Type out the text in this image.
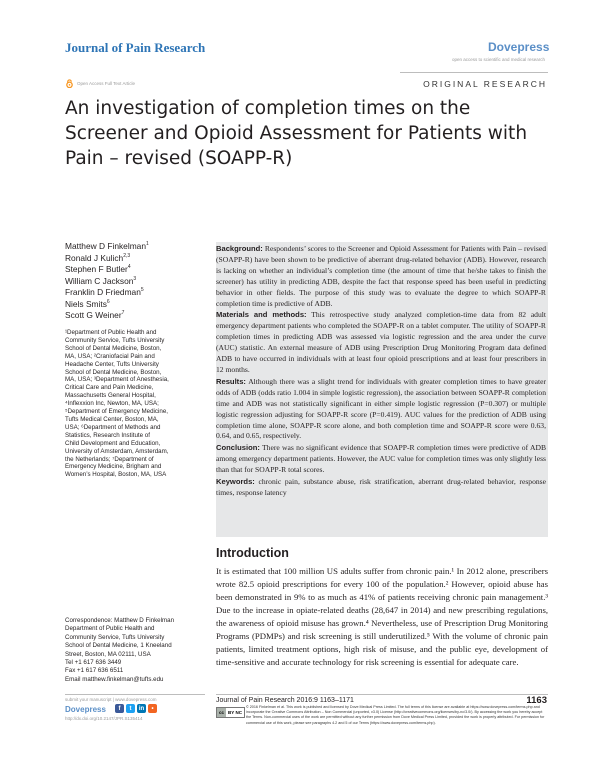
Journal of Pain Research	Dovepress
open access to scientific and medical research
Open Access Full Text Article	ORIGINAL RESEARCH
An investigation of completion times on the Screener and Opioid Assessment for Patients with Pain – revised (SOAPP-R)
Matthew D Finkelman$^1$
Ronald J Kulich$^{2,3}$
Stephen F Butler$^4$
William C Jackson$^3$
Franklin D Friedman$^5$
Niels Smits$^6$
Scott G Weiner$^7$
¹Department of Public Health and
Community Service, Tufts University
School of Dental Medicine, Boston,
MA, USA; ²Craniofacial Pain and
Headache Center, Tufts University
School of Dental Medicine, Boston,
MA, USA; ³Department of Anesthesia,
Critical Care and Pain Medicine,
Massachusetts General Hospital,
⁴Inflexxion Inc, Newton, MA, USA;
⁵Department of Emergency Medicine,
Tufts Medical Center, Boston, MA,
USA; ⁶Department of Methods and
Statistics, Research Institute of
Child Development and Education,
University of Amsterdam, Amsterdam,
the Netherlands; ⁷Department of
Emergency Medicine, Brigham and
Women’s Hospital, Boston, MA, USA

Background: Respondents’ scores to the Screener and Opioid Assessment for Patients with Pain – revised (SOAPP-R) have been shown to be predictive of aberrant drug-related behavior (ADB). However, research is lacking on whether an individual’s completion time (the amount of time that he/she takes to finish the screener) has utility in predicting ADB, despite the fact that response speed has been useful in predicting behavior in other fields. The purpose of this study was to evaluate the degree to which SOAPP-R completion time is predictive of ADB.

Materials and methods: This retrospective study analyzed completion-time data from 82 adult emergency department patients who completed the SOAPP-R on a tablet computer. The utility of SOAPP-R completion times in predicting ADB was assessed via logistic regression and the area under the curve (AUC) statistic. An external measure of ADB using Prescription Drug Monitoring Program data defined ADB to have occurred in individuals with at least four opioid prescriptions and at least four prescribers in 12 months.

Results: Although there was a slight trend for individuals with greater completion times to have greater odds of ADB (odds ratio 1.004 in simple logistic regression), the association between SOAPP-R completion time and ADB was not statistically significant in either simple logistic regression (P=0.307) or multiple logistic regression adjusting for SOAPP-R score (P=0.419). AUC values for the prediction of ADB using completion time alone, SOAPP-R score alone, and both completion time and SOAPP-R score were 0.63, 0.64, and 0.65, respectively.

Conclusion: There was no significant evidence that SOAPP-R completion times were predictive of ADB among emergency department patients. However, the AUC value for completion times was only slightly less than that for SOAPP-R total scores.

Keywords: chronic pain, substance abuse, risk stratification, aberrant drug-related behavior, response times, response latency

Introduction
It is estimated that 100 million US adults suffer from chronic pain.¹ In 2012 alone, prescribers wrote 82.5 opioid prescriptions for every 100 of the population.² However, opioid abuse has been demonstrated in 9% to as much as 41% of patients receiving chronic pain management.³ Due to the increase in opiate-related deaths (28,647 in 2014) and new prescribing regulations, the awareness of opioid misuse has grown.⁴ Nevertheless, use of Prescription Drug Monitoring Programs (PDMPs) and risk screening is still underutilized.⁵ With the volume of chronic pain patients, limited treatment options, high risk of misuse, and the public eye, development of time-sensitive and accurate technology for risk screening is essential for adequate care.
Correspondence: Matthew D Finkelman
Department of Public Health and
Community Service, Tufts University
School of Dental Medicine, 1 Kneeland
Street, Boston, MA 02111, USA
Tel +1 617 636 3449
Fax +1 617 636 6511
Email matthew.finkelman@tufts.edu
submit your manuscript | www.dovepress.com
Dovepress	f	t	in	•
http://dx.doi.org/10.2147/JPR.S135414
Journal of Pain Research 2016:9 1163–1171	1163
cc BY NC
© 2016 Finkelman et al. This work is published and licensed by Dove Medical Press Limited. The full terms of this license are available at https://www.dovepress.com/terms.php and incorporate the Creative Commons Attribution – Non Commercial (unported, v3.0) License (http://creativecommons.org/licenses/by-nc/3.0/). By accessing the work you hereby accept the Terms. Non-commercial uses of the work are permitted without any further permission from Dove Medical Press Limited, provided the work is properly attributed. For permission for commercial use of this work, please see paragraphs 4.2 and 5 of our Terms (https://www.dovepress.com/terms.php).
